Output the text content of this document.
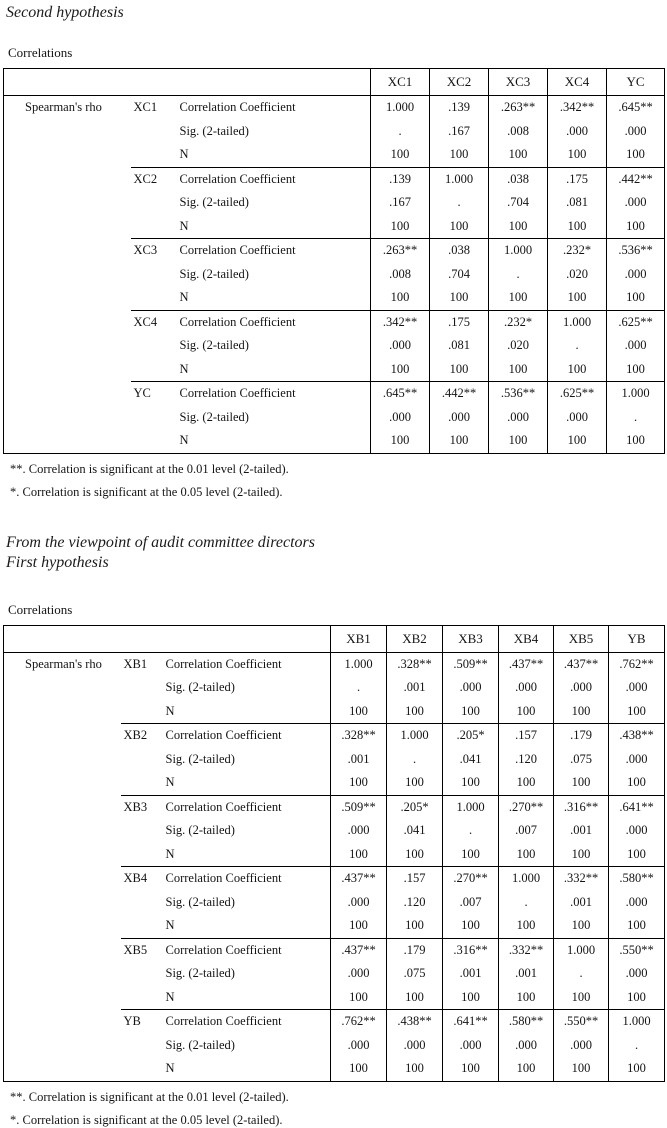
Second hypothesis
Correlations
			XC1	XC2	XC3	XC4	YC
Spearman's rho	XC1	Correlation Coefficient	1.000	.139	.263**	.342**	.645**
		Sig. (2-tailed)	.	.167	.008	.000	.000
		N	100	100	100	100	100
	XC2	Correlation Coefficient	.139	1.000	.038	.175	.442**
		Sig. (2-tailed)	.167	.	.704	.081	.000
		N	100	100	100	100	100
	XC3	Correlation Coefficient	.263**	.038	1.000	.232*	.536**
		Sig. (2-tailed)	.008	.704	.	.020	.000
		N	100	100	100	100	100
	XC4	Correlation Coefficient	.342**	.175	.232*	1.000	.625**
		Sig. (2-tailed)	.000	.081	.020	.	.000
		N	100	100	100	100	100
	YC	Correlation Coefficient	.645**	.442**	.536**	.625**	1.000
		Sig. (2-tailed)	.000	.000	.000	.000	.
		N	100	100	100	100	100
**. Correlation is significant at the 0.01 level (2-tailed).
*. Correlation is significant at the 0.05 level (2-tailed).
From the viewpoint of audit committee directors
First hypothesis
Correlations
			XB1	XB2	XB3	XB4	XB5	YB
Spearman's rho	XB1	Correlation Coefficient	1.000	.328**	.509**	.437**	.437**	.762**
		Sig. (2-tailed)	.	.001	.000	.000	.000	.000
		N	100	100	100	100	100	100
	XB2	Correlation Coefficient	.328**	1.000	.205*	.157	.179	.438**
		Sig. (2-tailed)	.001	.	.041	.120	.075	.000
		N	100	100	100	100	100	100
	XB3	Correlation Coefficient	.509**	.205*	1.000	.270**	.316**	.641**
		Sig. (2-tailed)	.000	.041	.	.007	.001	.000
		N	100	100	100	100	100	100
	XB4	Correlation Coefficient	.437**	.157	.270**	1.000	.332**	.580**
		Sig. (2-tailed)	.000	.120	.007	.	.001	.000
		N	100	100	100	100	100	100
	XB5	Correlation Coefficient	.437**	.179	.316**	.332**	1.000	.550**
		Sig. (2-tailed)	.000	.075	.001	.001	.	.000
		N	100	100	100	100	100	100
	YB	Correlation Coefficient	.762**	.438**	.641**	.580**	.550**	1.000
		Sig. (2-tailed)	.000	.000	.000	.000	.000	.
		N	100	100	100	100	100	100
**. Correlation is significant at the 0.01 level (2-tailed).
*. Correlation is significant at the 0.05 level (2-tailed).
